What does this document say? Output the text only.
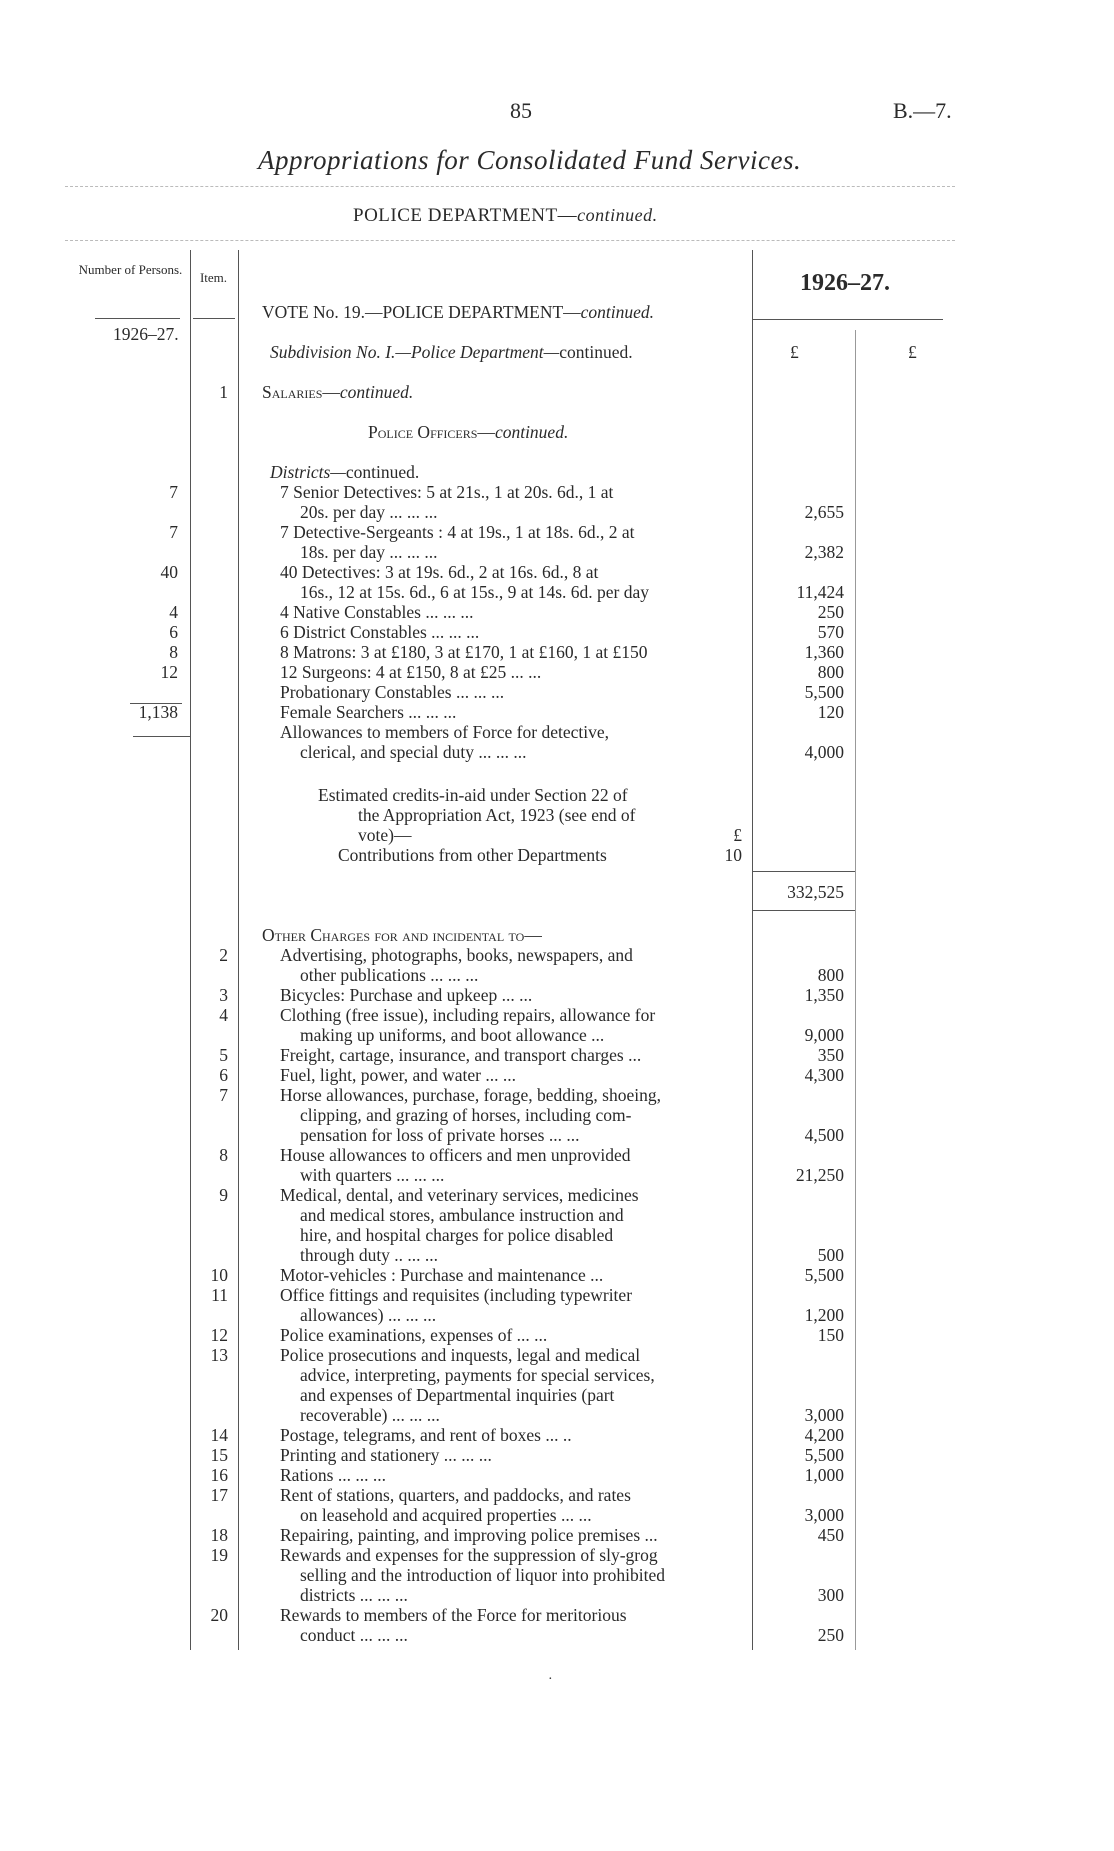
85	B.—7.
Appropriations for Consolidated Fund Services.
POLICE DEPARTMENT—continued.
Number of Persons.
Item.	1926–27.
1926–27.
VOTE No. 19.—POLICE DEPARTMENT—continued.
Subdivision No. I.—Police Department—continued.	£	£
1 Salaries—continued.
Police Officers—continued.
Districts—continued.
7	7 Senior Detectives: 5 at 21s., 1 at 20s. 6d., 1 at
20s. per day ... ... ...	2,655
7	7 Detective-Sergeants : 4 at 19s., 1 at 18s. 6d., 2 at
18s. per day ... ... ...	2,382
40	40 Detectives: 3 at 19s. 6d., 2 at 16s. 6d., 8 at
16s., 12 at 15s. 6d., 6 at 15s., 9 at 14s. 6d. per day	11,424
4	4 Native Constables ... ... ...	250
6	6 District Constables ... ... ...	570
8	8 Matrons: 3 at £180, 3 at £170, 1 at £160, 1 at £150	1,360
12	12 Surgeons: 4 at £150, 8 at £25 ... ...	800
Probationary Constables ... ... ...	5,500
1,138	Female Searchers ... ... ...	120
Allowances to members of Force for detective,
clerical, and special duty ... ... ...	4,000
Estimated credits-in-aid under Section 22 of
the Appropriation Act, 1923 (see end of
vote)—	£
Contributions from other Departments	10
332,525
Other Charges for and incidental to—
2	Advertising, photographs, books, newspapers, and
other publications ... ... ...	800
3	Bicycles: Purchase and upkeep ... ...	1,350
4	Clothing (free issue), including repairs, allowance for
making up uniforms, and boot allowance ...	9,000
5	Freight, cartage, insurance, and transport charges ...	350
6	Fuel, light, power, and water ... ...	4,300
7	Horse allowances, purchase, forage, bedding, shoeing,
clipping, and grazing of horses, including com-
pensation for loss of private horses ... ...	4,500
8	House allowances to officers and men unprovided
with quarters ... ... ...	21,250
9	Medical, dental, and veterinary services, medicines
and medical stores, ambulance instruction and
hire, and hospital charges for police disabled
through duty .. ... ...	500
10	Motor-vehicles : Purchase and maintenance ...	5,500
11	Office fittings and requisites (including typewriter
allowances) ... ... ...	1,200
12	Police examinations, expenses of ... ...	150
13	Police prosecutions and inquests, legal and medical
advice, interpreting, payments for special services,
and expenses of Departmental inquiries (part
recoverable) ... ... ...	3,000
14	Postage, telegrams, and rent of boxes ... ..	4,200
15	Printing and stationery ... ... ...	5,500
16	Rations ... ... ...	1,000
17	Rent of stations, quarters, and paddocks, and rates
on leasehold and acquired properties ... ...	3,000
18	Repairing, painting, and improving police premises ...	450
19	Rewards and expenses for the suppression of sly-grog
selling and the introduction of liquor into prohibited
districts ... ... ...	300
20	Rewards to members of the Force for meritorious
conduct ... ... ...	250
·
